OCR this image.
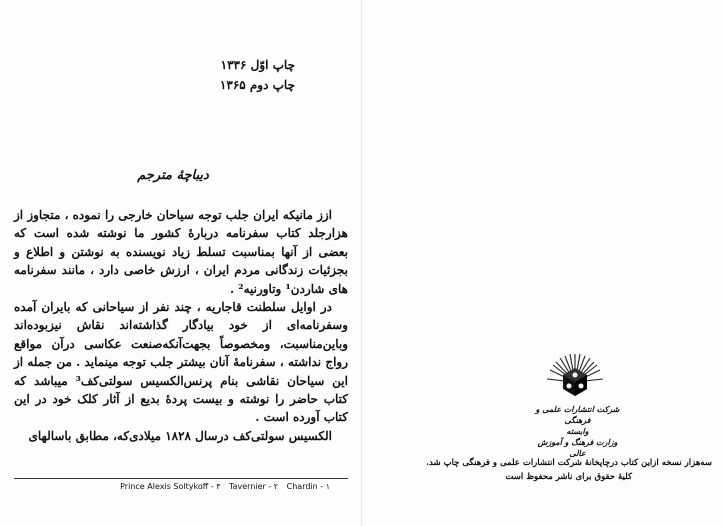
چاپ اوّل ۱۳۳۶
چاپ دوم ۱۳۶۵
دیباچهٔ مترجم

ازز مانیکه ایران جلب توجه سیاحان خارجی را نموده ، متجاوز از هزارجلد کتاب سفرنامه دربارهٔ کشور ما نوشته شده است که بعضی از آنها بمناسبت تسلط زیاد نویسنده به نوشتن و اطلاع و بجزئیات زندگانی مردم ایران ، ارزش خاصی دارد ، مانند سفرنامه های شاردن¹ وتاورنیه² .

در اوایل سلطنت قاجاریه ، چند نفر از سیاحانی که بایران آمده وسفرنامه‌ای از خود بیادگار گذاشته‌اند نقاش نیزبوده‌اند وباین‌مناسبت، ومخصوصاً بجهت‌آنکه‌صنعت عکاسی درآن مواقع رواج نداشته ، سفرنامهٔ آنان بیشتر جلب توجه مینماید . من جمله از این سیاحان نقاشی بنام پرنس‌الکسیس سولتی‌کف³ میباشد که کتاب حاضر را نوشته و بیست پردهٔ بدیع از آثار کلک خود در این کتاب آورده است .

الکسیس سولتی‌کف درسال ۱۸۲۸ میلادی‌که، مطابق باسالهای

Prince Alexis Soltykoff - ۳ Tavernier - ۲ Chardin - ۱
شرکت انتشارات علمی و فرهنگی
وابسته
وزارت فرهنگ و آموزش عالی
سه‌هزار نسخه ازاین کتاب درچاپخانهٔ شرکت انتشارات علمی و فرهنگی چاپ شد.
کلیهٔ حقوق برای ناشر محفوظ است
